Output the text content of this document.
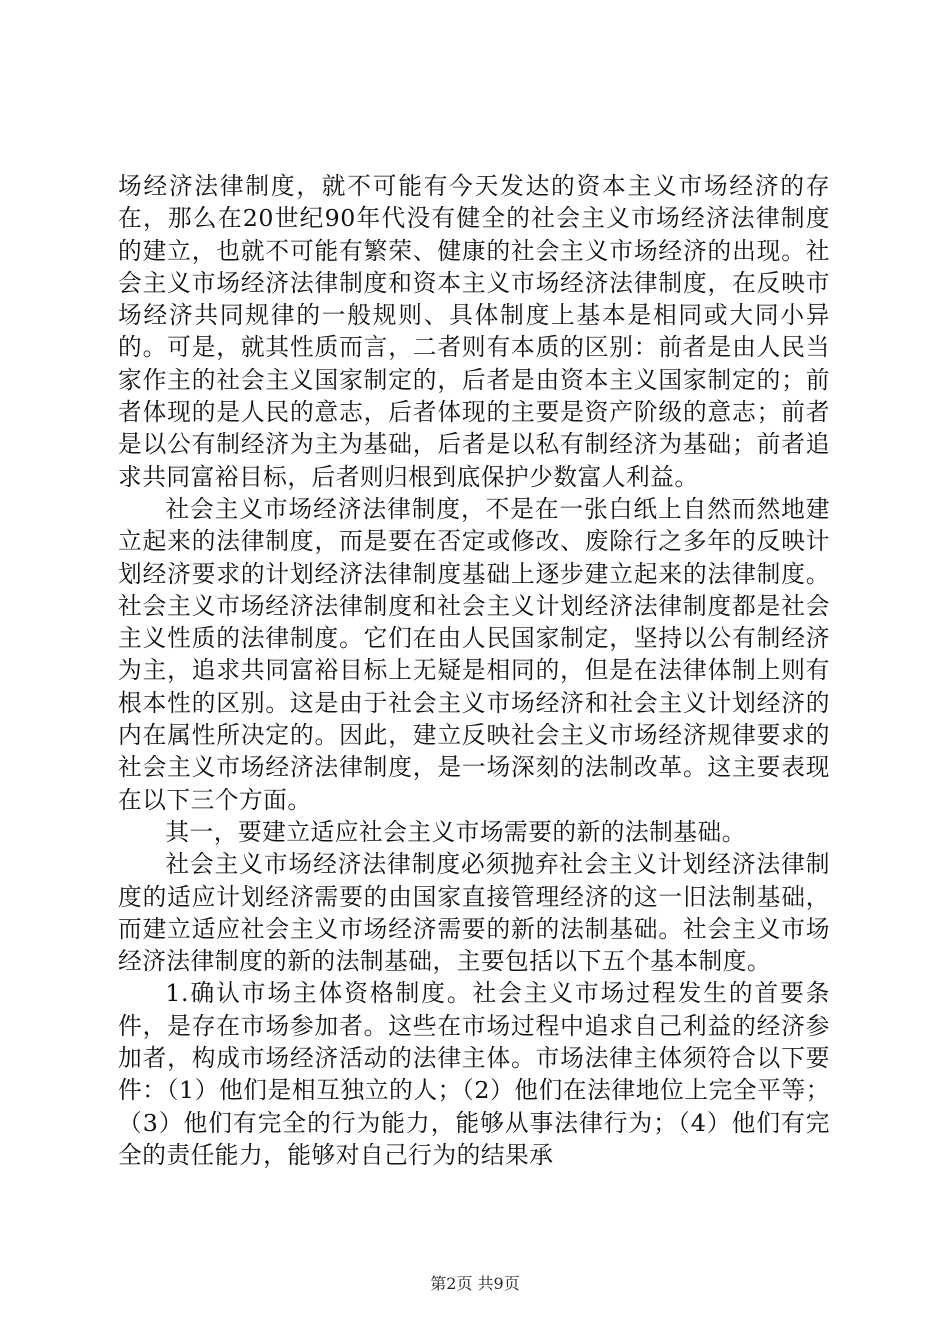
场经济法律制度，就不可能有今天发达的资本主义市场经济的存在，那么在20世纪90年代没有健全的社会主义市场经济法律制度的建立，也就不可能有繁荣、健康的社会主义市场经济的出现。社会主义市场经济法律制度和资本主义市场经济法律制度，在反映市场经济共同规律的一般规则、具体制度上基本是相同或大同小异的。可是，就其性质而言，二者则有本质的区别：前者是由人民当家作主的社会主义国家制定的，后者是由资本主义国家制定的；前者体现的是人民的意志，后者体现的主要是资产阶级的意志；前者是以公有制经济为主为基础，后者是以私有制经济为基础；前者追求共同富裕目标，后者则归根到底保护少数富人利益。

社会主义市场经济法律制度，不是在一张白纸上自然而然地建立起来的法律制度，而是要在否定或修改、废除行之多年的反映计划经济要求的计划经济法律制度基础上逐步建立起来的法律制度。社会主义市场经济法律制度和社会主义计划经济法律制度都是社会主义性质的法律制度。它们在由人民国家制定，坚持以公有制经济为主，追求共同富裕目标上无疑是相同的，但是在法律体制上则有根本性的区别。这是由于社会主义市场经济和社会主义计划经济的内在属性所决定的。因此，建立反映社会主义市场经济规律要求的社会主义市场经济法律制度，是一场深刻的法制改革。这主要表现在以下三个方面。

其一，要建立适应社会主义市场需要的新的法制基础。

社会主义市场经济法律制度必须抛弃社会主义计划经济法律制度的适应计划经济需要的由国家直接管理经济的这一旧法制基础，而建立适应社会主义市场经济需要的新的法制基础。社会主义市场经济法律制度的新的法制基础，主要包括以下五个基本制度。

1.确认市场主体资格制度。社会主义市场过程发生的首要条件，是存在市场参加者。这些在市场过程中追求自己利益的经济参加者，构成市场经济活动的法律主体。市场法律主体须符合以下要件：（1）他们是相互独立的人；（2）他们在法律地位上完全平等；（3）他们有完全的行为能力，能够从事法律行为；（4）他们有完全的责任能力，能够对自己行为的结果承

第2页 共9页
